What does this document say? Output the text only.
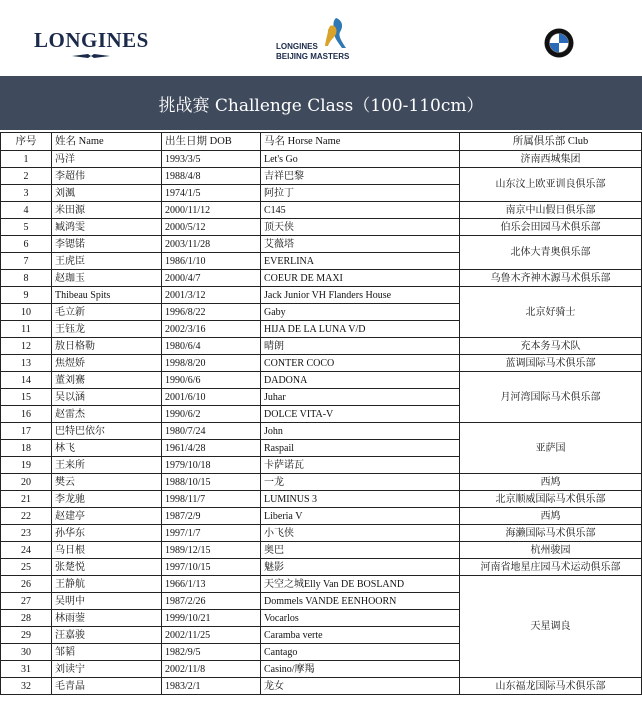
LONGINES	LONGINES
BEIJING MASTERS
挑战赛 Challenge Class（100-110cm）
序号	姓名 Name	出生日期 DOB	马名 Horse Name	所属俱乐部 Club
1	冯洋	1993/3/5	Let's Go	济南西城集团
2	李超伟	1988/4/8	吉祥巴黎	山东汶上欧亚训良俱乐部
3	刘渢	1974/1/5	阿拉丁	
4	米田源	2000/11/12	C145	南京中山假日俱乐部
5	臧鸿雯	2000/5/12	顶天侠	伯乐会田园马术俱乐部
6	李锶锘	2003/11/28	艾薇塔	北体大青奥俱乐部
7	王虎臣	1986/1/10	EVERLINA	
8	赵珈玉	2000/4/7	COEUR DE MAXI	乌鲁木齐神木源马术俱乐部
9	Thibeau Spits	2001/3/12	Jack Junior VH Flanders House	北京好骑士
10	毛立新	1996/8/22	Gaby	
11	王钰龙	2002/3/16	HIJA DE LA LUNA V/D	
12	敖日格勒	1980/6/4	晴朗	充本务马术队
13	焦煜娇	1998/8/20	CONTER COCO	蓝调国际马术俱乐部
14	董刘騫	1990/6/6	DADONA	月河湾国际马术俱乐部
15	吴以涵	2001/6/10	Juhar	
16	赵雷杰	1990/6/2	DOLCE VITA-V	
17	巴特巴依尔	1980/7/24	John	亚萨国
18	林飞	1961/4/28	Raspail	
19	王来所	1979/10/18	卡萨诺瓦	
20	樊云	1988/10/15	一龙	西鸠
21	李龙驰	1998/11/7	LUMINUS 3	北京顺威国际马术俱乐部
22	赵建亭	1987/2/9	Liberia V	西鸠
23	孙华东	1997/1/7	小飞侠	海濑国际马术俱乐部
24	乌日根	1989/12/15	奥巴	杭州骏园
25	张楚悦	1997/10/15	魅影	河南省地星庄园马术运动俱乐部
26	王静航	1966/1/13	天空之城Elly Van DE BOSLAND	天星调良
27	吴明中	1987/2/26	Dommels VANDE EENHOORN	
28	林雨蓥	1999/10/21	Vocarlos	
29	汪嘉骏	2002/11/25	Caramba verte	
30	邹韬	1982/9/5	Cantago	
31	刘读宁	2002/11/8	Casino/摩羯	
32	毛青晶	1983/2/1	龙女	山东福龙国际马术俱乐部
